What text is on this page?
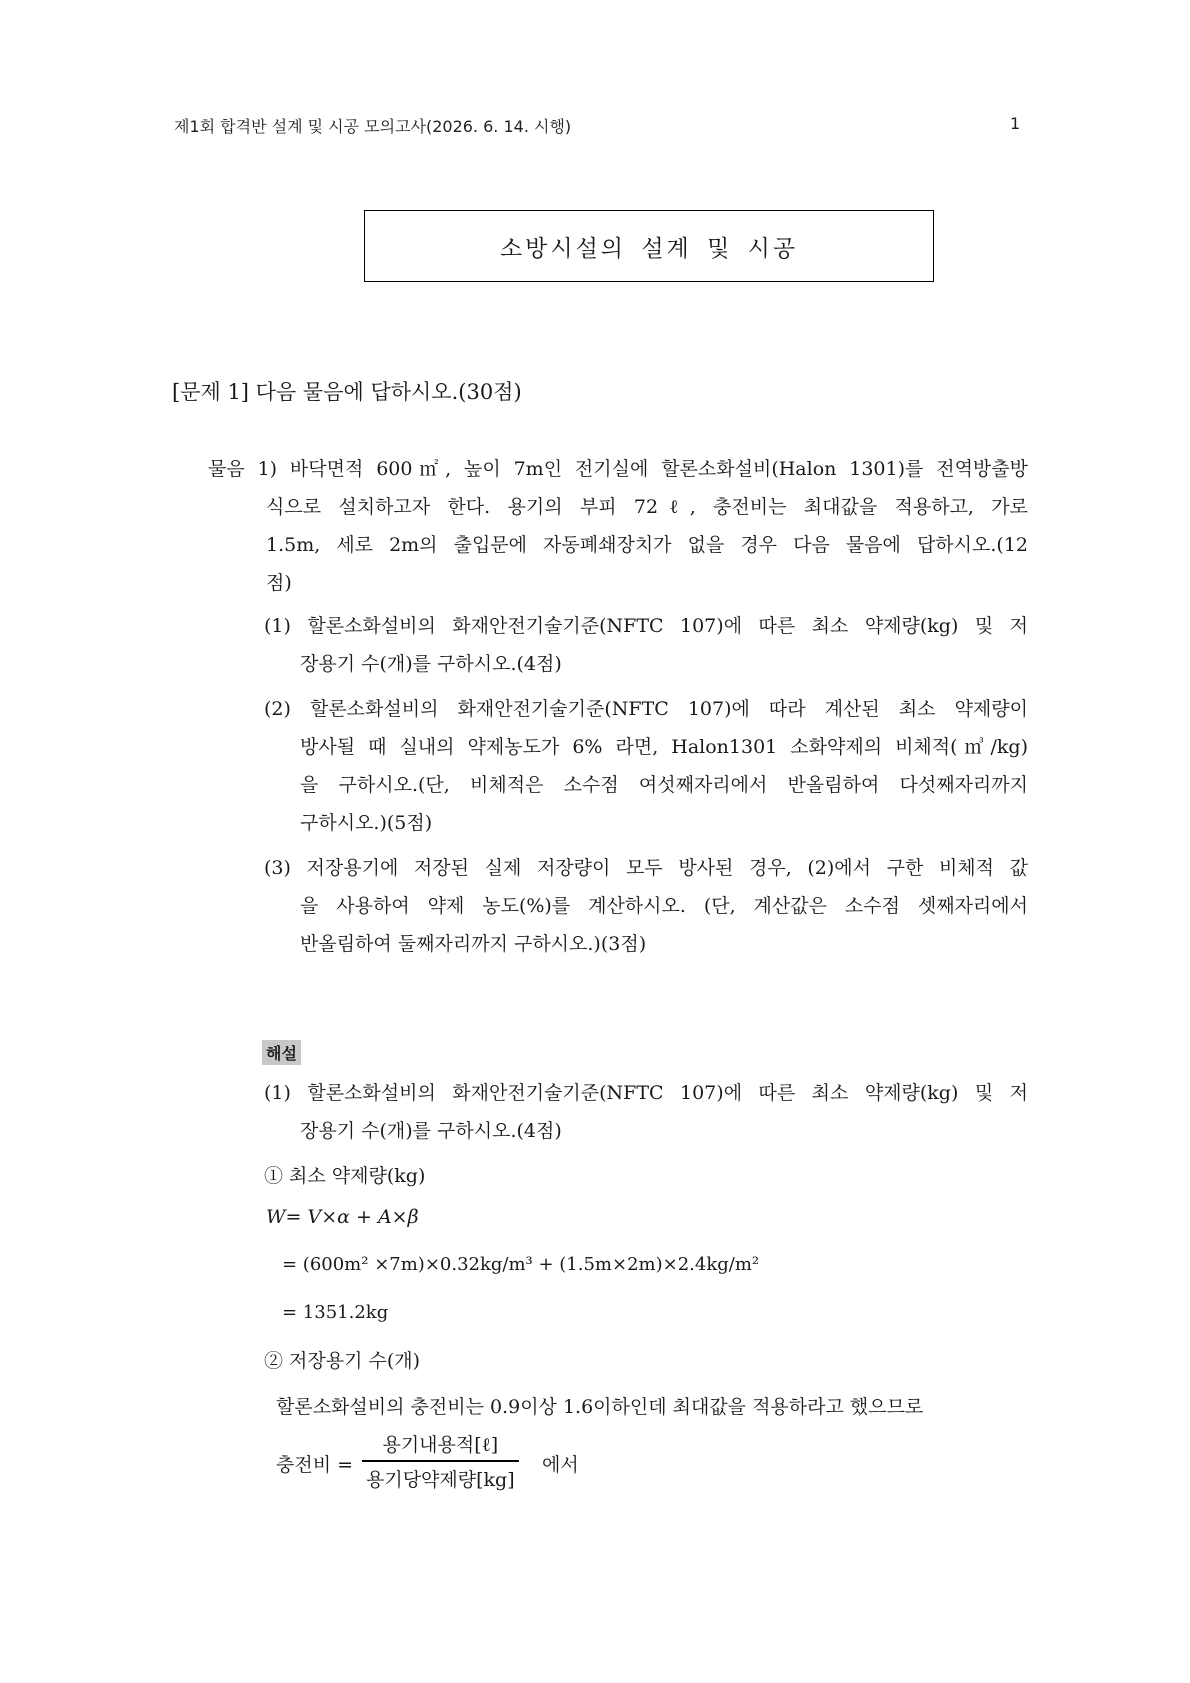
제1회 합격반 설계 및 시공 모의고사(2026. 6. 14. 시행)	1
소방시설의 설계 및 시공
[문제 1] 다음 물음에 답하시오.(30점)
물음 1) 바닥면적 600㎡, 높이 7m인 전기실에 할론소화설비(Halon 1301)를 전역방출방
식으로 설치하고자 한다. 용기의 부피 72ℓ, 충전비는 최대값을 적용하고, 가로
1.5m, 세로 2m의 출입문에 자동폐쇄장치가 없을 경우 다음 물음에 답하시오.(12
점)
(1) 할론소화설비의 화재안전기술기준(NFTC 107)에 따른 최소 약제량(kg) 및 저
장용기 수(개)를 구하시오.(4점)
(2) 할론소화설비의 화재안전기술기준(NFTC 107)에 따라 계산된 최소 약제량이
방사될 때 실내의 약제농도가 6% 라면, Halon1301 소화약제의 비체적(㎥/kg)
을 구하시오.(단, 비체적은 소수점 여섯째자리에서 반올림하여 다섯째자리까지
구하시오.)(5점)
(3) 저장용기에 저장된 실제 저장량이 모두 방사된 경우, (2)에서 구한 비체적 값
을 사용하여 약제 농도(%)를 계산하시오. (단, 계산값은 소수점 셋째자리에서
반올림하여 둘째자리까지 구하시오.)(3점)
해설
(1) 할론소화설비의 화재안전기술기준(NFTC 107)에 따른 최소 약제량(kg) 및 저
장용기 수(개)를 구하시오.(4점)
① 최소 약제량(kg)
W= V×α + A×β
= (600m² ×7m)×0.32kg/m³ + (1.5m×2m)×2.4kg/m²
= 1351.2kg
② 저장용기 수(개)
할론소화설비의 충전비는 0.9이상 1.6이하인데 최대값을 적용하라고 했으므로
충전비 =
용기내용적[ℓ]
용기당약제량[kg]
에서
